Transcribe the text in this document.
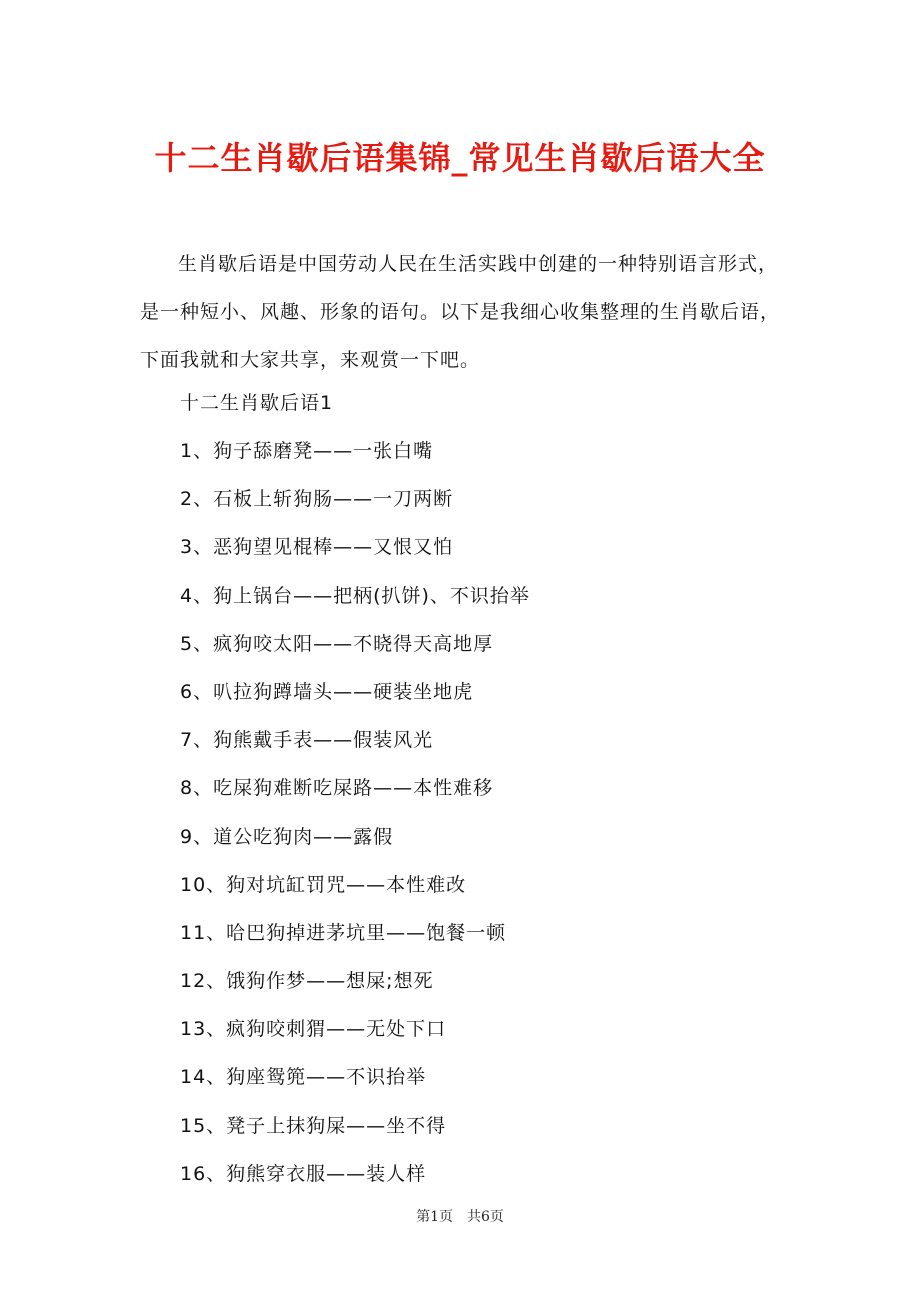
十二生肖歇后语集锦_常见生肖歇后语大全

生肖歇后语是中国劳动人民在生活实践中创建的一种特别语言形式，是一种短小、风趣、形象的语句。以下是我细心收集整理的生肖歇后语，下面我就和大家共享，来观赏一下吧。

十二生肖歇后语1

1、狗子舔磨凳——一张白嘴
2、石板上斩狗肠——一刀两断
3、恶狗望见棍棒——又恨又怕
4、狗上锅台——把柄(扒饼)、不识抬举
5、疯狗咬太阳——不晓得天高地厚
6、叭拉狗蹲墙头——硬装坐地虎
7、狗熊戴手表——假装风光
8、吃屎狗难断吃屎路——本性难移
9、道公吃狗肉——露假
10、狗对坑缸罚咒——本性难改
11、哈巴狗掉进茅坑里——饱餐一顿
12、饿狗作梦——想屎;想死
13、疯狗咬刺猬——无处下口
14、狗座鸳篼——不识抬举
15、凳子上抹狗屎——坐不得
16、狗熊穿衣服——装人样
第1页 共6页
